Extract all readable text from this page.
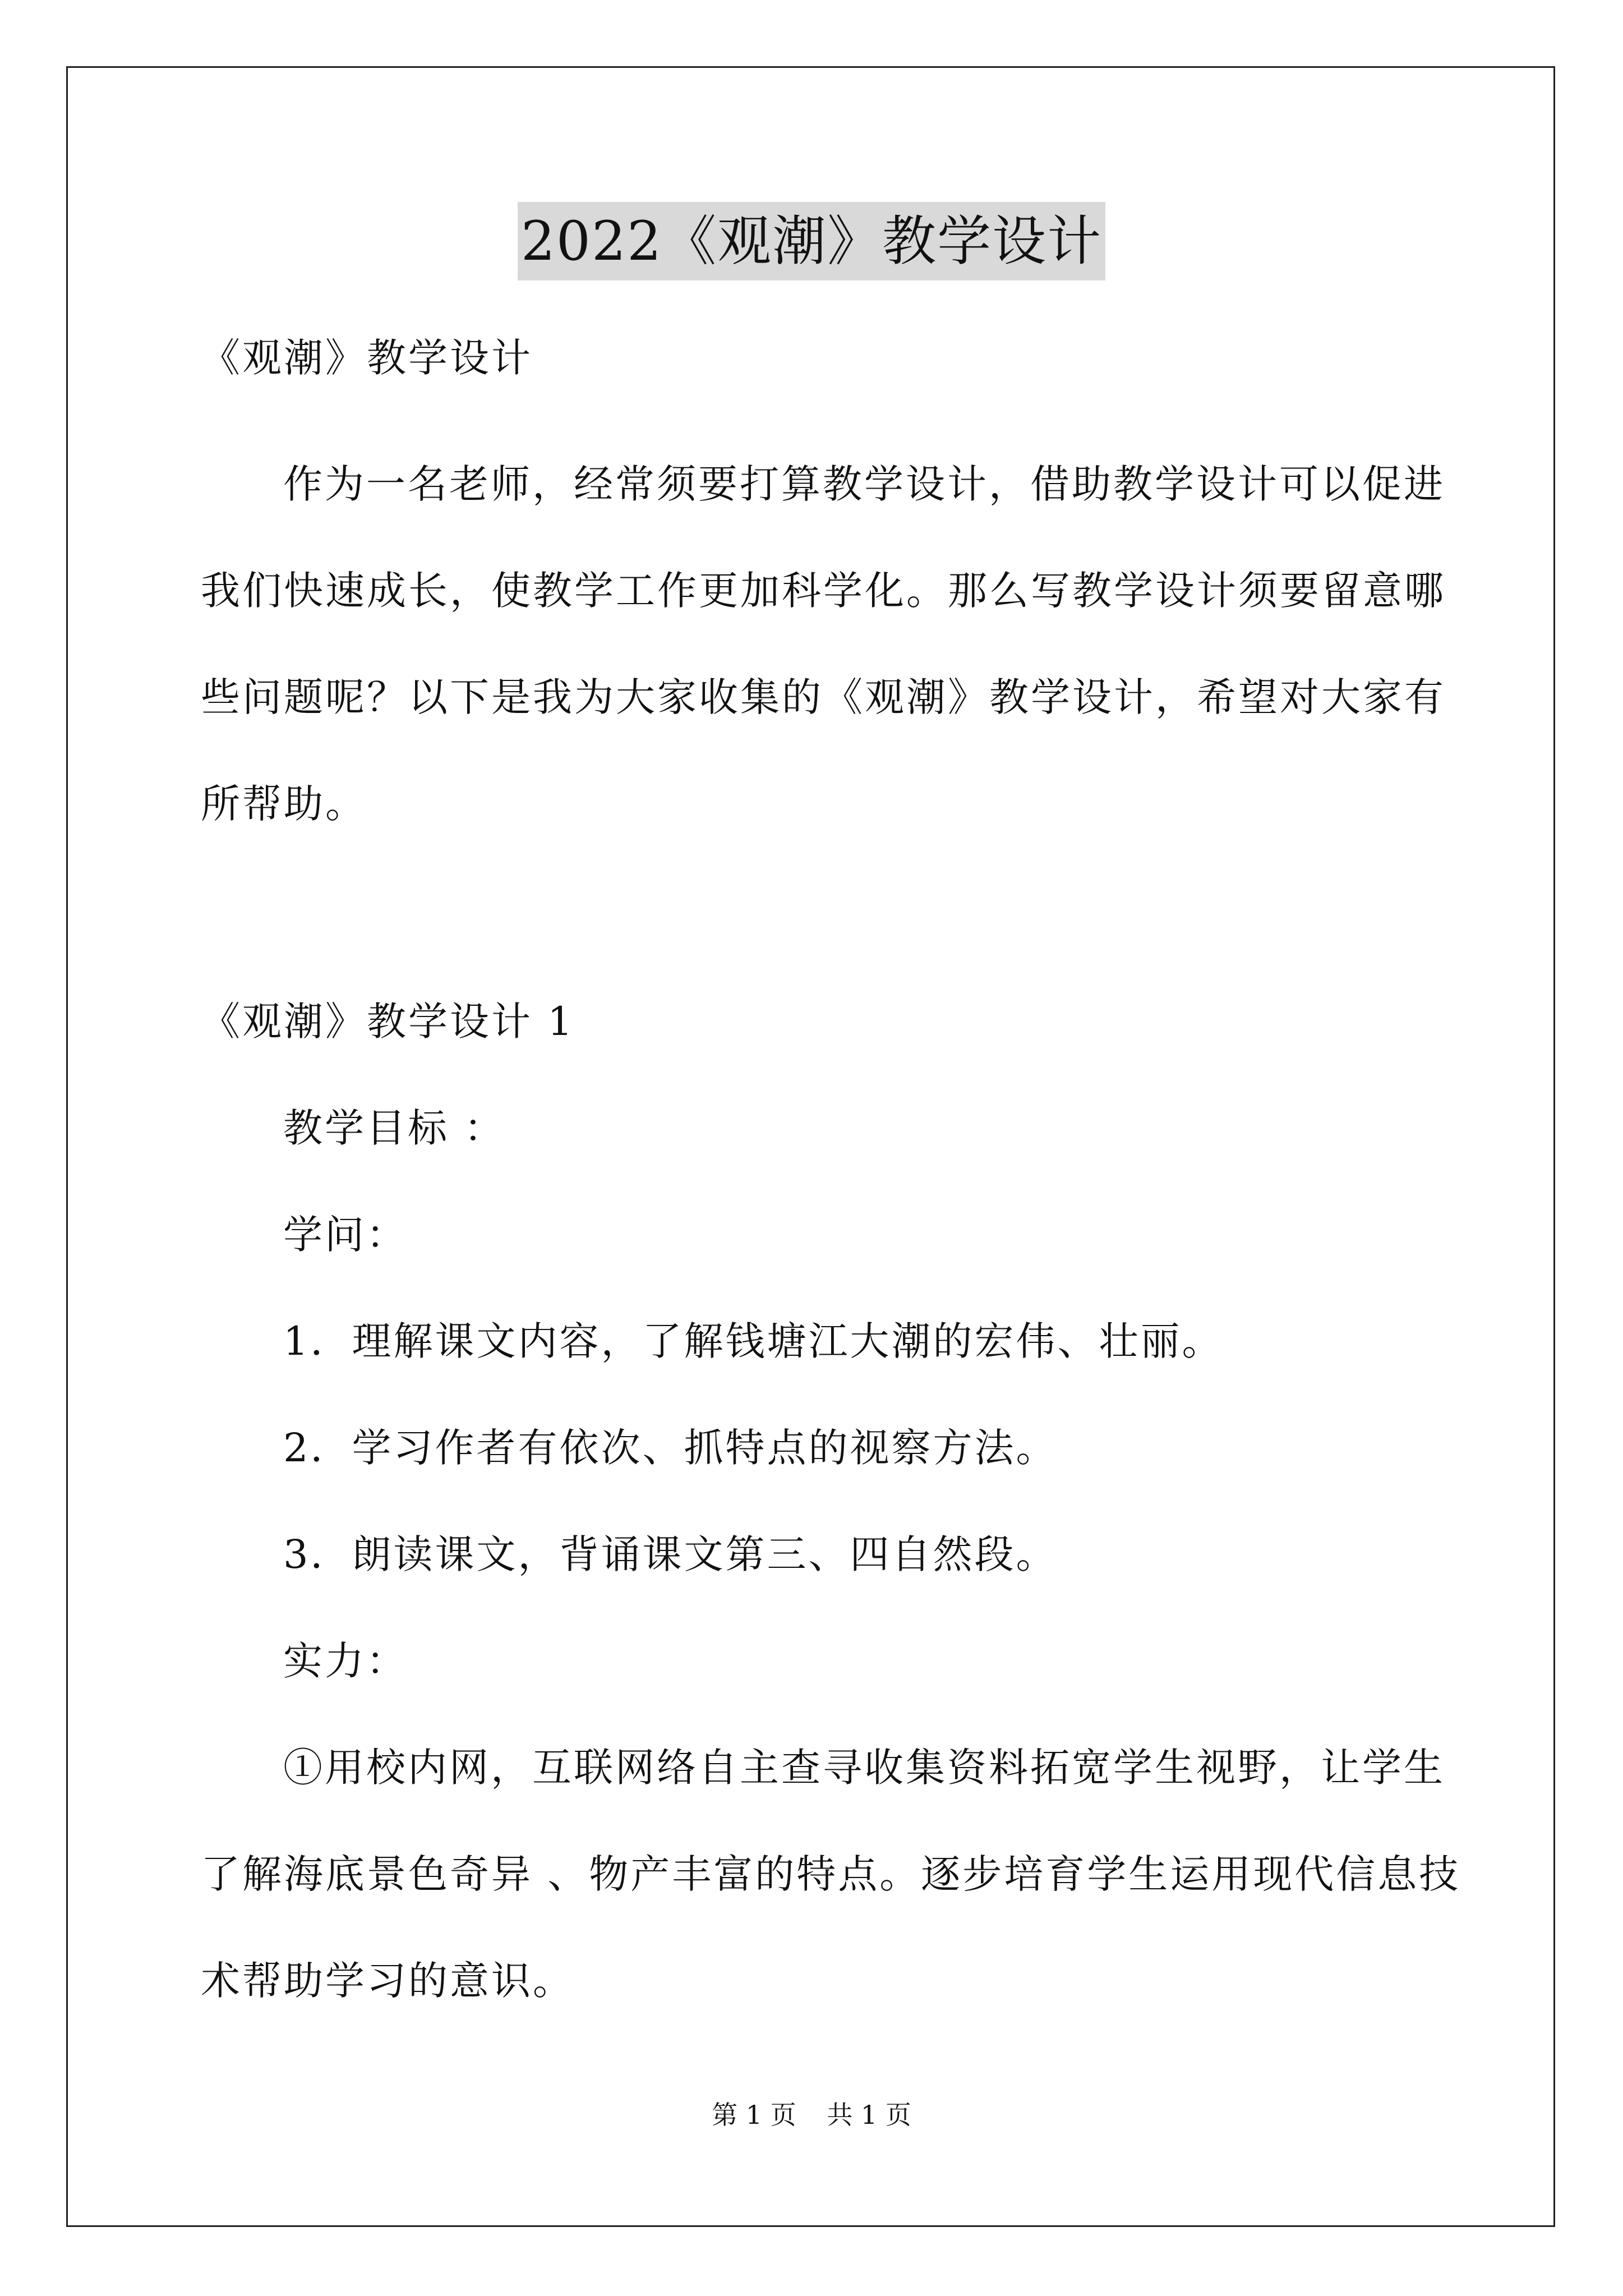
2022《观潮》教学设计
《观潮》教学设计
作为一名老师，经常须要打算教学设计，借助教学设计可以促进
我们快速成长，使教学工作更加科学化。那么写教学设计须要留意哪
些问题呢？以下是我为大家收集的《观潮》教学设计，希望对大家有
所帮助。
《观潮》教学设计 1
教学目标 ：
学问：
1．理解课文内容，了解钱塘江大潮的宏伟、壮丽。
2．学习作者有依次、抓特点的视察方法。
3．朗读课文，背诵课文第三、四自然段。
实力：
①用校内网，互联网络自主查寻收集资料拓宽学生视野，让学生
了解海底景色奇异 、物产丰富的特点。逐步培育学生运用现代信息技
术帮助学习的意识。
第 1 页 共 1 页
